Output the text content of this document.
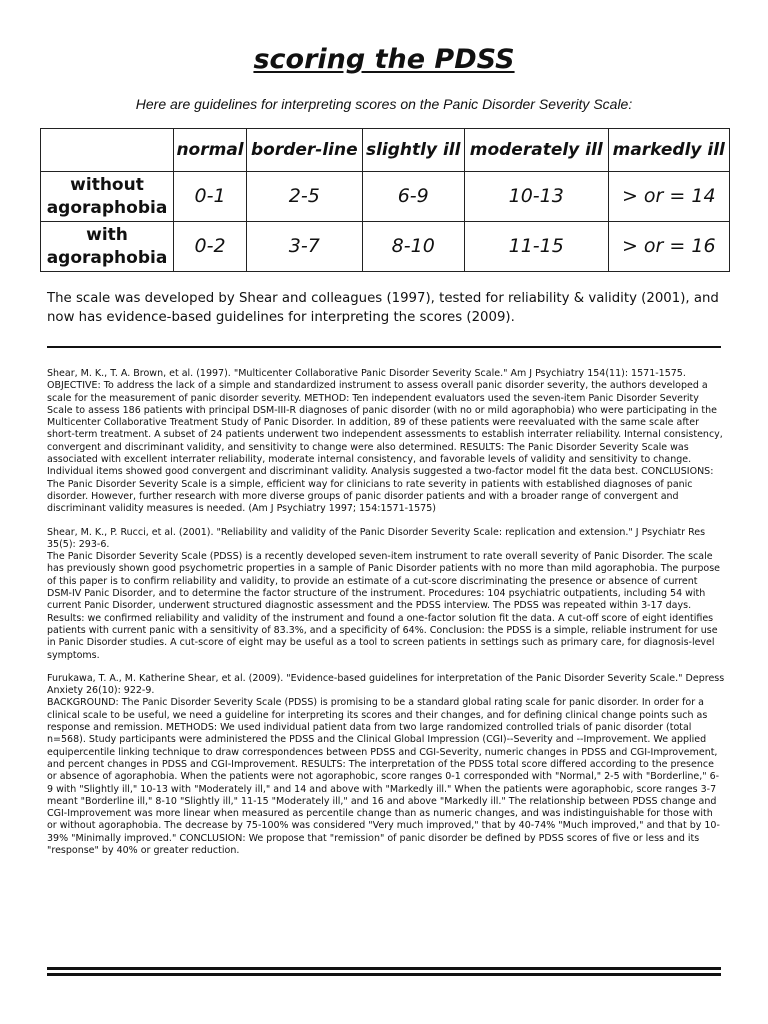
scoring the PDSS
Here are guidelines for interpreting scores on the Panic Disorder Severity Scale:
	normal	border-line	slightly ill	moderately ill	markedly ill
without agoraphobia	0-1	2-5	6-9	10-13	> or = 14
with agoraphobia	0-2	3-7	8-10	11-15	> or = 16
The scale was developed by Shear and colleagues (1997), tested for reliability & validity (2001), and now has evidence-based guidelines for interpreting the scores (2009).

Shear, M. K., T. A. Brown, et al. (1997). "Multicenter Collaborative Panic Disorder Severity Scale." Am J Psychiatry 154(11): 1571-1575.

OBJECTIVE: To address the lack of a simple and standardized instrument to assess overall panic disorder severity, the authors developed a scale for the measurement of panic disorder severity. METHOD: Ten independent evaluators used the seven-item Panic Disorder Severity Scale to assess 186 patients with principal DSM-III-R diagnoses of panic disorder (with no or mild agoraphobia) who were participating in the Multicenter Collaborative Treatment Study of Panic Disorder. In addition, 89 of these patients were reevaluated with the same scale after short-term treatment. A subset of 24 patients underwent two independent assessments to establish interrater reliability. Internal consistency, convergent and discriminant validity, and sensitivity to change were also determined. RESULTS: The Panic Disorder Severity Scale was associated with excellent interrater reliability, moderate internal consistency, and favorable levels of validity and sensitivity to change. Individual items showed good convergent and discriminant validity. Analysis suggested a two-factor model fit the data best. CONCLUSIONS: The Panic Disorder Severity Scale is a simple, efficient way for clinicians to rate severity in patients with established diagnoses of panic disorder. However, further research with more diverse groups of panic disorder patients and with a broader range of convergent and discriminant validity measures is needed. (Am J Psychiatry 1997; 154:1571-1575)

Shear, M. K., P. Rucci, et al. (2001). "Reliability and validity of the Panic Disorder Severity Scale: replication and extension." J Psychiatr Res 35(5): 293-6.

The Panic Disorder Severity Scale (PDSS) is a recently developed seven-item instrument to rate overall severity of Panic Disorder. The scale has previously shown good psychometric properties in a sample of Panic Disorder patients with no more than mild agoraphobia. The purpose of this paper is to confirm reliability and validity, to provide an estimate of a cut-score discriminating the presence or absence of current DSM-IV Panic Disorder, and to determine the factor structure of the instrument. Procedures: 104 psychiatric outpatients, including 54 with current Panic Disorder, underwent structured diagnostic assessment and the PDSS interview. The PDSS was repeated within 3-17 days. Results: we confirmed reliability and validity of the instrument and found a one-factor solution fit the data. A cut-off score of eight identifies patients with current panic with a sensitivity of 83.3%, and a specificity of 64%. Conclusion: the PDSS is a simple, reliable instrument for use in Panic Disorder studies. A cut-score of eight may be useful as a tool to screen patients in settings such as primary care, for diagnosis-level symptoms.

Furukawa, T. A., M. Katherine Shear, et al. (2009). "Evidence-based guidelines for interpretation of the Panic Disorder Severity Scale." Depress Anxiety 26(10): 922-9.

BACKGROUND: The Panic Disorder Severity Scale (PDSS) is promising to be a standard global rating scale for panic disorder. In order for a clinical scale to be useful, we need a guideline for interpreting its scores and their changes, and for defining clinical change points such as response and remission. METHODS: We used individual patient data from two large randomized controlled trials of panic disorder (total n=568). Study participants were administered the PDSS and the Clinical Global Impression (CGI)--Severity and --Improvement. We applied equipercentile linking technique to draw correspondences between PDSS and CGI-Severity, numeric changes in PDSS and CGI-Improvement, and percent changes in PDSS and CGI-Improvement. RESULTS: The interpretation of the PDSS total score differed according to the presence or absence of agoraphobia. When the patients were not agoraphobic, score ranges 0-1 corresponded with "Normal," 2-5 with "Borderline," 6-9 with "Slightly ill," 10-13 with "Moderately ill," and 14 and above with "Markedly ill." When the patients were agoraphobic, score ranges 3-7 meant "Borderline ill," 8-10 "Slightly ill," 11-15 "Moderately ill," and 16 and above "Markedly ill." The relationship between PDSS change and CGI-Improvement was more linear when measured as percentile change than as numeric changes, and was indistinguishable for those with or without agoraphobia. The decrease by 75-100% was considered "Very much improved," that by 40-74% "Much improved," and that by 10-39% "Minimally improved." CONCLUSION: We propose that "remission" of panic disorder be defined by PDSS scores of five or less and its "response" by 40% or greater reduction.
